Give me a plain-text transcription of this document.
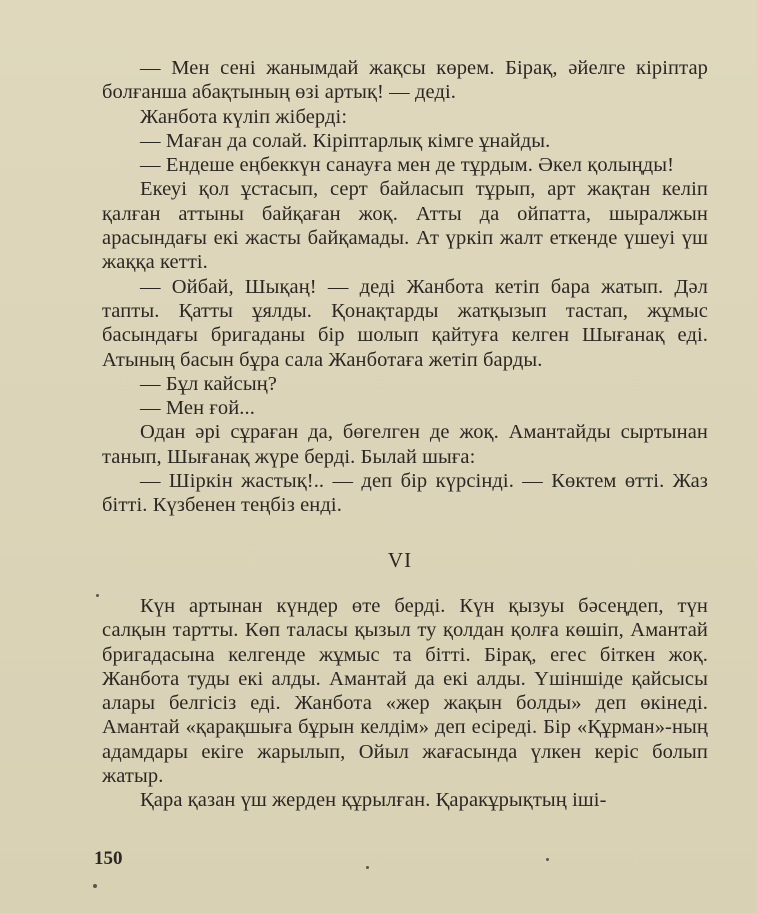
— Мен сені жанымдай жақсы көрем. Бірақ, әйелге кіріптар болғанша абақтының өзі артық! — деді.

Жанбота күліп жіберді:

— Маған да солай. Кіріптарлық кімге ұнайды.

— Ендеше еңбеккүн санауға мен де тұрдым. Әкел қолыңды!

Екеуі қол ұстасып, серт байласып тұрып, арт жақтан келіп қалған аттыны байқаған жоқ. Атты да ойпатта, шыралжын арасындағы екі жасты байқамады. Ат үркіп жалт еткенде үшеуі үш жаққа кетті.

— Ойбай, Шықаң! — деді Жанбота кетіп бара жатып. Дәл тапты. Қатты ұялды. Қонақтарды жатқызып тастап, жұмыс басындағы бригаданы бір шолып қайтуға келген Шығанақ еді. Атының басын бұра сала Жанботаға жетіп барды.

— Бұл кайсың?

— Мен ғой...

Одан әрі сұраған да, бөгелген де жоқ. Амантайды сыртынан танып, Шығанақ жүре берді. Былай шыға:

— Шіркін жастық!.. — деп бір күрсінді. — Көктем өтті. Жаз бітті. Күзбенен теңбіз енді.

VI

Күн артынан күндер өте берді. Күн қызуы бәсеңдеп, түн салқын тартты. Көп таласы қызыл ту қолдан қолға көшіп, Амантай бригадасына келгенде жұмыс та бітті. Бірақ, егес біткен жоқ. Жанбота туды екі алды. Амантай да екі алды. Үшіншіде қайсысы алары белгісіз еді. Жанбота «жер жақын болды» деп өкінеді. Амантай «қарақшыға бұрын келдім» деп есіреді. Бір «Құрман»-ның адамдары екіге жарылып, Ойыл жағасында үлкен керіс болып жатыр.

Қара қазан үш жерден құрылған. Қаракұрықтың іші-

150
